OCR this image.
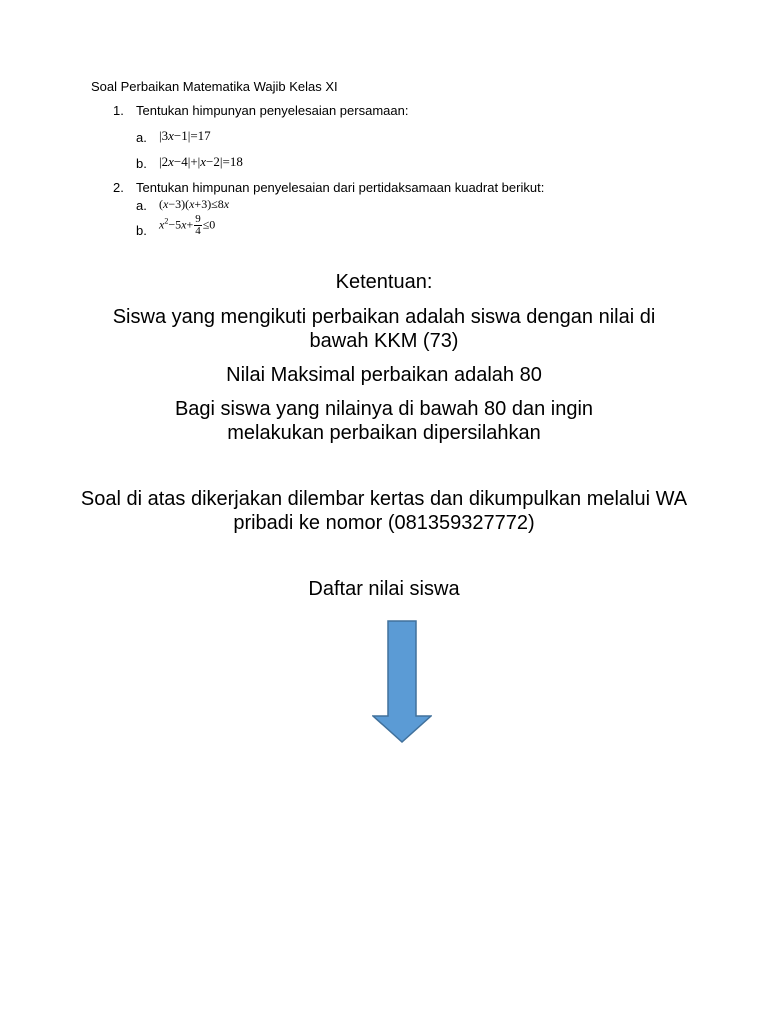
Soal Perbaikan Matematika Wajib Kelas XI
1. Tentukan himpunyan penyelesaian persamaan:
a. |3x−1|=17
b. |2x−4|+|x−2|=18
2. Tentukan himpunan penyelesaian dari pertidaksamaan kuadrat berikut:
a. (x−3)(x+3)≤8x
b. $x^2-5x+ \frac{9}{4} \le 0$
Ketentuan:
Siswa yang mengikuti perbaikan adalah siswa dengan nilai di bawah KKM (73)
Nilai Maksimal perbaikan adalah 80
Bagi siswa yang nilainya di bawah 80 dan ingin melakukan perbaikan dipersilahkan
Soal di atas dikerjakan dilembar kertas dan dikumpulkan melalui WA pribadi ke nomor (081359327772)
Daftar nilai siswa
